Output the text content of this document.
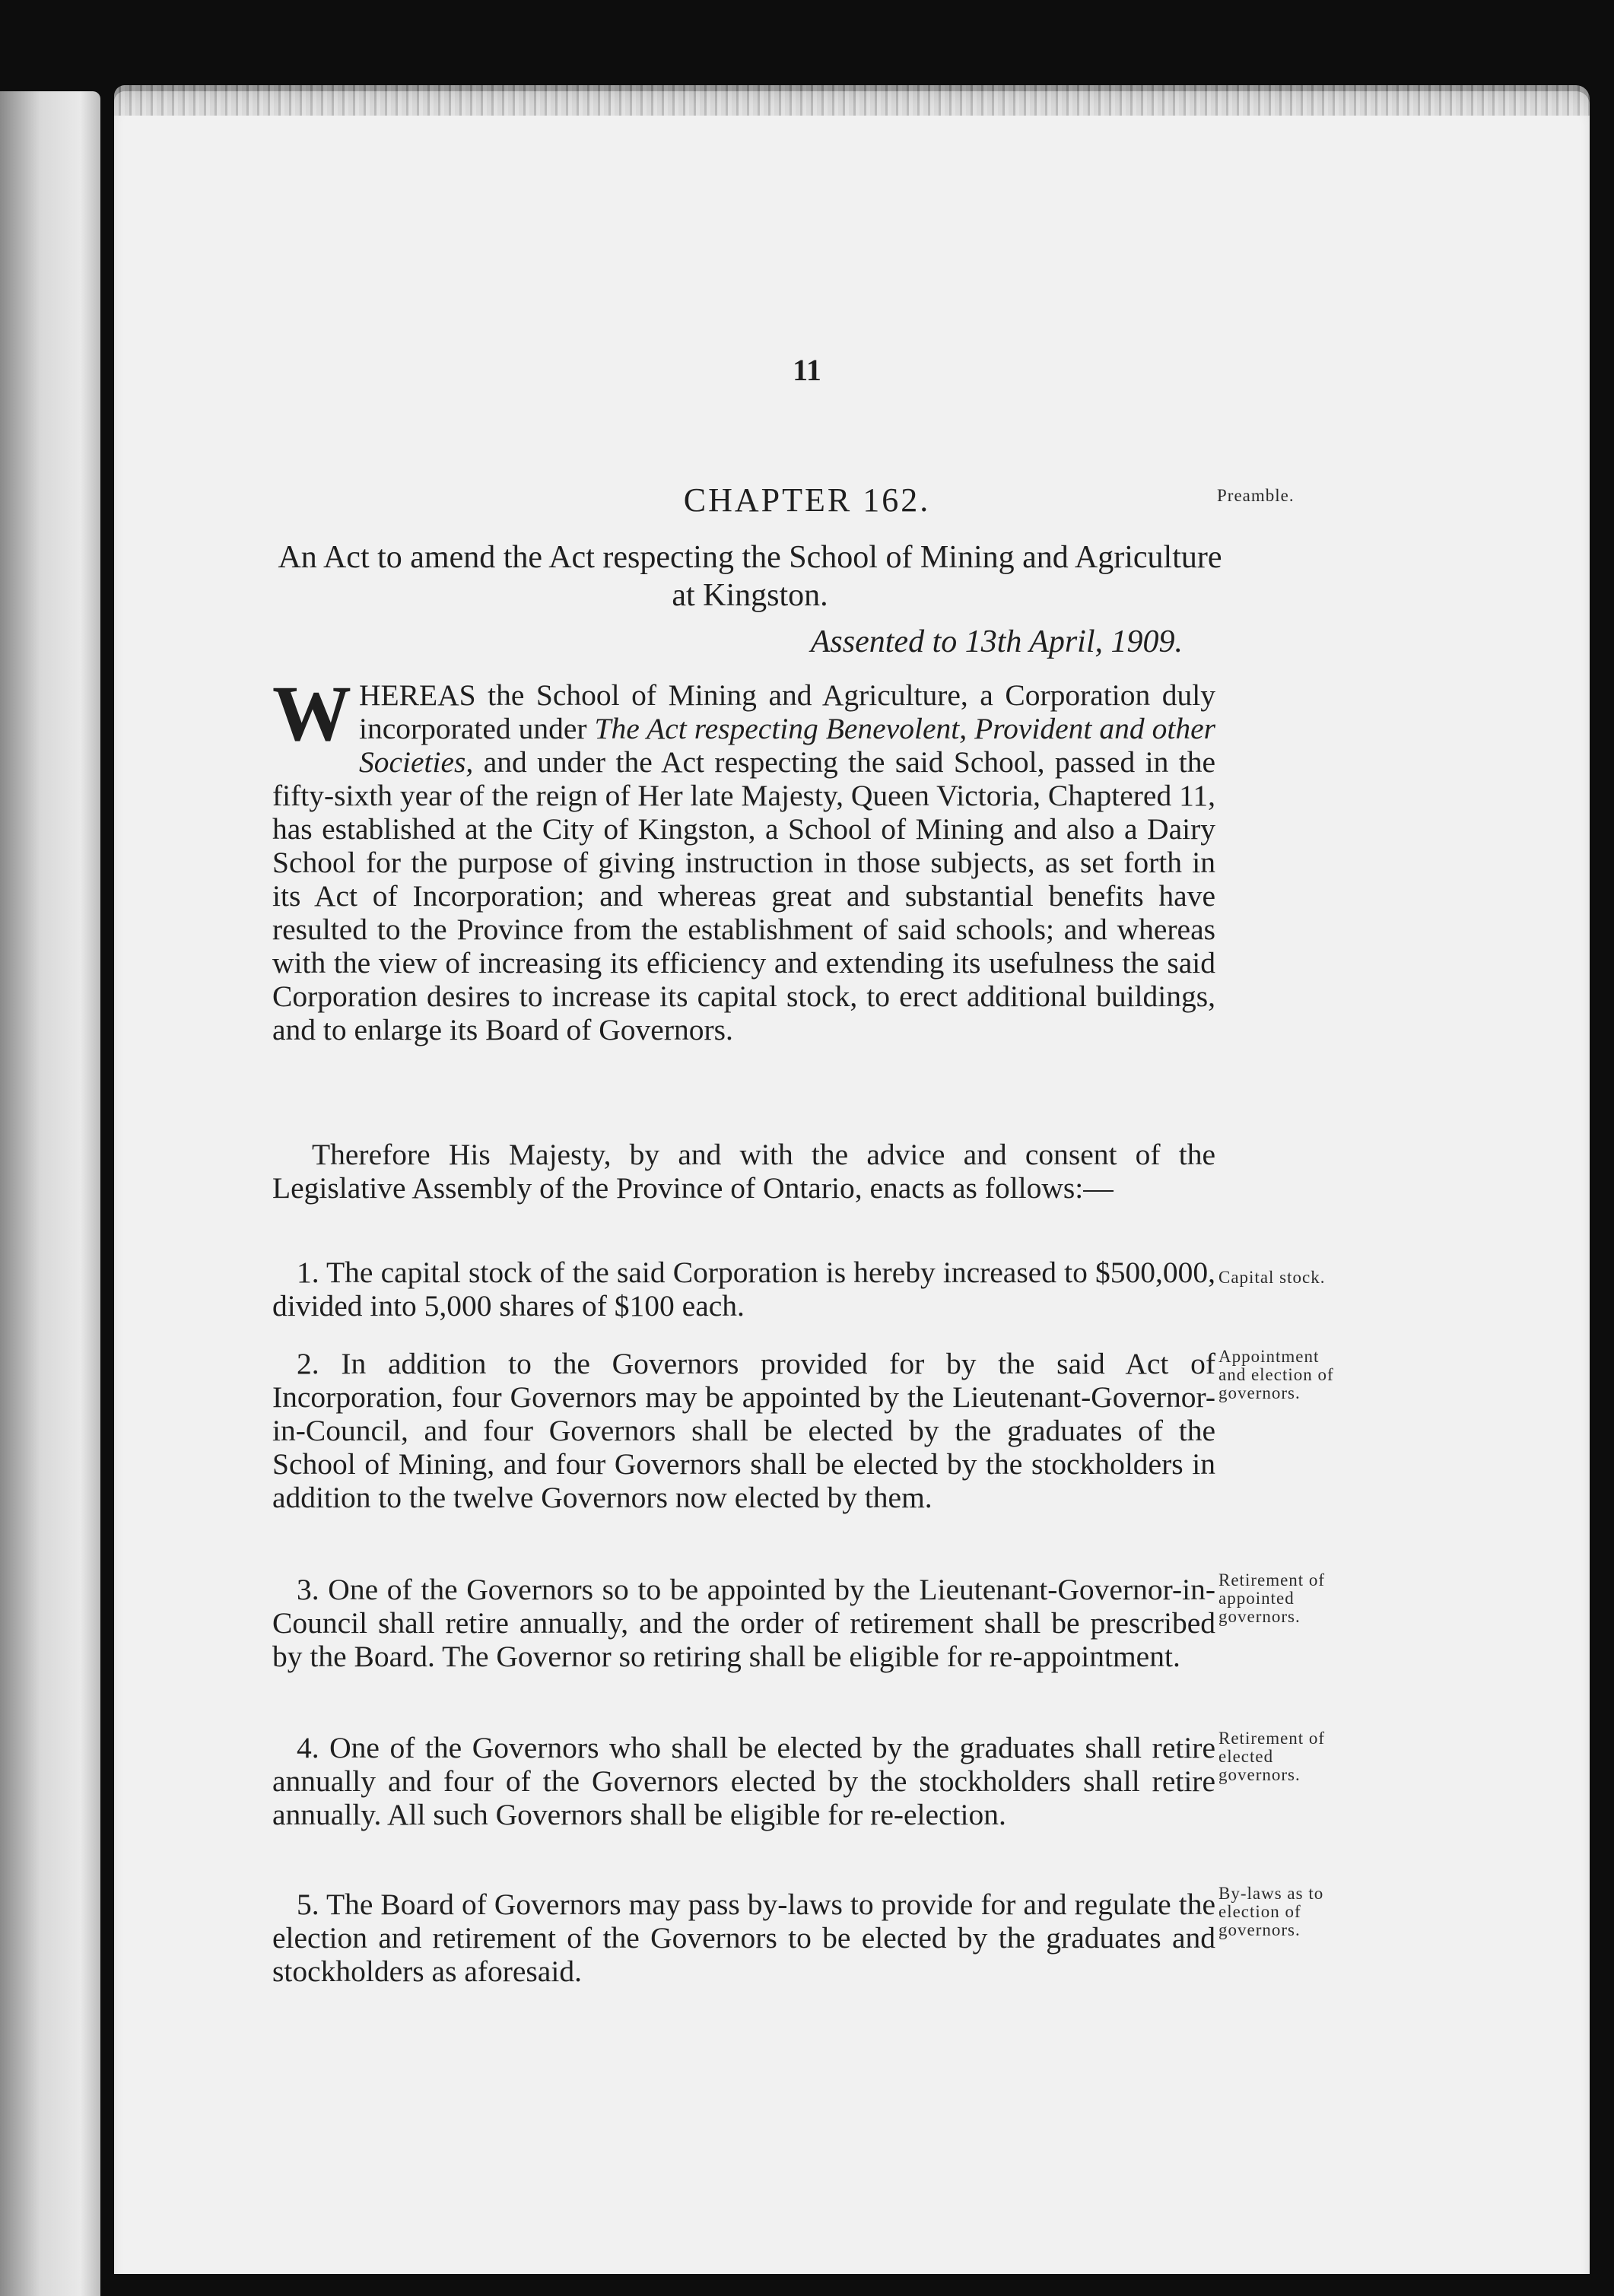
11
CHAPTER 162.	Preamble.
An Act to amend the Act respecting the School of Mining and Agriculture at Kingston.
Assented to 13th April, 1909.

WHEREAS the School of Mining and Agriculture, a Corporation duly incorporated under The Act respecting Benevolent, Provident and other Societies, and under the Act respecting the said School, passed in the fifty-sixth year of the reign of Her late Majesty, Queen Victoria, Chaptered 11, has established at the City of Kingston, a School of Mining and also a Dairy School for the purpose of giving instruction in those subjects, as set forth in its Act of Incorporation; and whereas great and substantial benefits have resulted to the Province from the establishment of said schools; and whereas with the view of increasing its efficiency and extending its usefulness the said Corporation desires to increase its capital stock, to erect additional buildings, and to enlarge its Board of Governors.

Therefore His Majesty, by and with the advice and consent of the Legislative Assembly of the Province of Ontario, enacts as follows:—

1. The capital stock of the said Corporation is hereby increased to $500,000, divided into 5,000 shares of $100 each.

Capital stock.

2. In addition to the Governors provided for by the said Act of Incorporation, four Governors may be appointed by the Lieutenant-Governor-in-Council, and four Governors shall be elected by the graduates of the School of Mining, and four Governors shall be elected by the stockholders in addition to the twelve Governors now elected by them.

Appointment
and election of
governors.

3. One of the Governors so to be appointed by the Lieutenant-Governor-in-Council shall retire annually, and the order of retirement shall be prescribed by the Board. The Governor so retiring shall be eligible for re-appointment.

Retirement of
appointed
governors.

4. One of the Governors who shall be elected by the graduates shall retire annually and four of the Governors elected by the stockholders shall retire annually. All such Governors shall be eligible for re-election.

Retirement of
elected
governors.

5. The Board of Governors may pass by-laws to provide for and regulate the election and retirement of the Governors to be elected by the graduates and stockholders as aforesaid.

By-laws as to
election of
governors.
